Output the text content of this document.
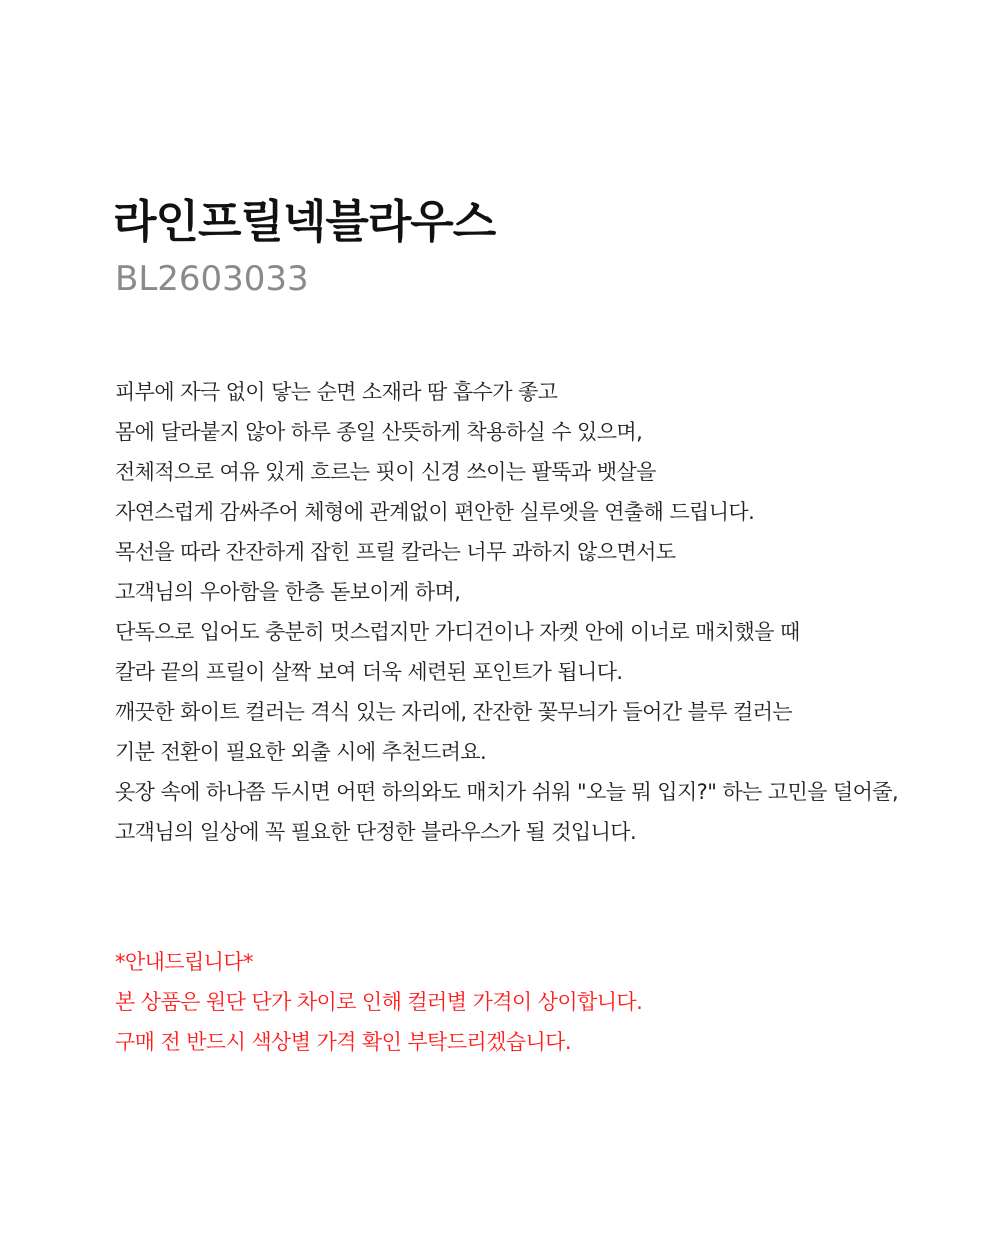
라인프릴넥블라우스
BL2603033
피부에 자극 없이 닿는 순면 소재라 땀 흡수가 좋고
몸에 달라붙지 않아 하루 종일 산뜻하게 착용하실 수 있으며,
전체적으로 여유 있게 흐르는 핏이 신경 쓰이는 팔뚝과 뱃살을
자연스럽게 감싸주어 체형에 관계없이 편안한 실루엣을 연출해 드립니다.
목선을 따라 잔잔하게 잡힌 프릴 칼라는 너무 과하지 않으면서도
고객님의 우아함을 한층 돋보이게 하며,
단독으로 입어도 충분히 멋스럽지만 가디건이나 자켓 안에 이너로 매치했을 때
칼라 끝의 프릴이 살짝 보여 더욱 세련된 포인트가 됩니다.
깨끗한 화이트 컬러는 격식 있는 자리에, 잔잔한 꽃무늬가 들어간 블루 컬러는
기분 전환이 필요한 외출 시에 추천드려요.
옷장 속에 하나쯤 두시면 어떤 하의와도 매치가 쉬워 "오늘 뭐 입지?" 하는 고민을 덜어줄,
고객님의 일상에 꼭 필요한 단정한 블라우스가 될 것입니다.
*안내드립니다*
본 상품은 원단 단가 차이로 인해 컬러별 가격이 상이합니다.
구매 전 반드시 색상별 가격 확인 부탁드리겠습니다.
